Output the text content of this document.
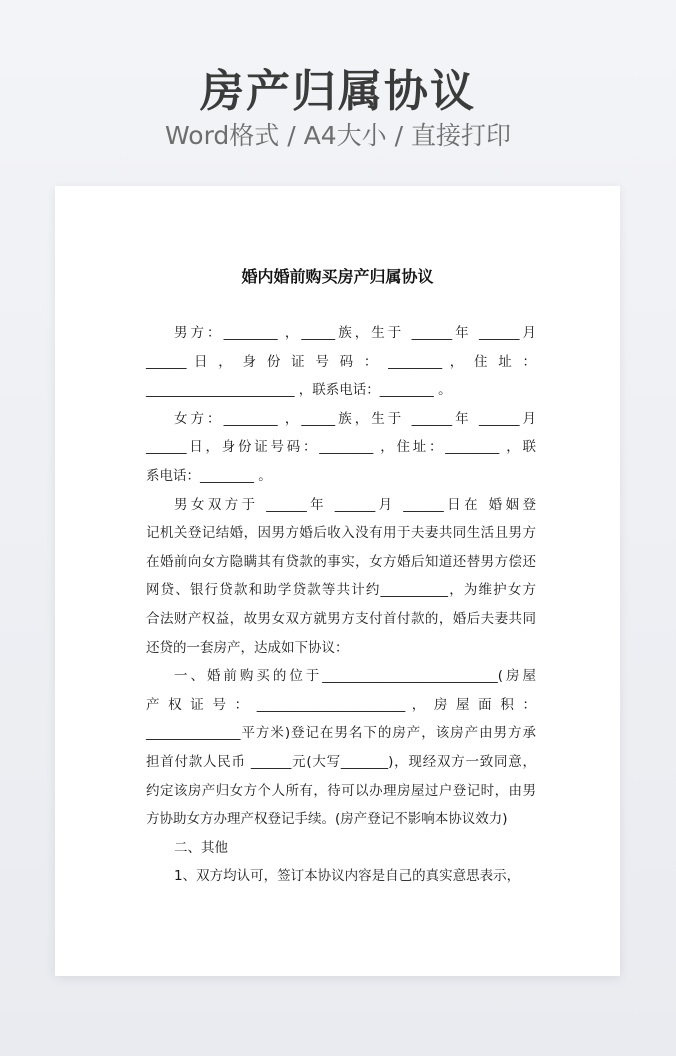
房产归属协议
Word格式 / A4大小 / 直接打印
婚内婚前购买房产归属协议

男方：________ ，_____族，生于 ______年 ______月

______ 日 ， 身 份 证 号 码 ： ________ ， 住 址 ：

______________________ ，联系电话：________ 。

女方：________ ，_____族，生于 ______年 ______月

______日，身份证号码：________ ，住址：________ ，联

系电话：________ 。

男女双方于 ______年 ______月 ______日在 婚姻登

记机关登记结婚，因男方婚后收入没有用于夫妻共同生活且男方

在婚前向女方隐瞒其有贷款的事实，女方婚后知道还替男方偿还

网贷、银行贷款和助学贷款等共计约__________，为维护女方

合法财产权益，故男女双方就男方支付首付款的，婚后夫妻共同

还贷的一套房产，达成如下协议：

一、婚前购买的位于__________________________(房屋

产 权 证 号 ： ______________________ ， 房 屋 面 积 ：

______________平方米)登记在男名下的房产，该房产由男方承

担首付款人民币 ______元(大写_______)，现经双方一致同意，

约定该房产归女方个人所有，待可以办理房屋过户登记时，由男

方协助女方办理产权登记手续。(房产登记不影响本协议效力)

二、其他

1、双方均认可，签订本协议内容是自己的真实意思表示，
